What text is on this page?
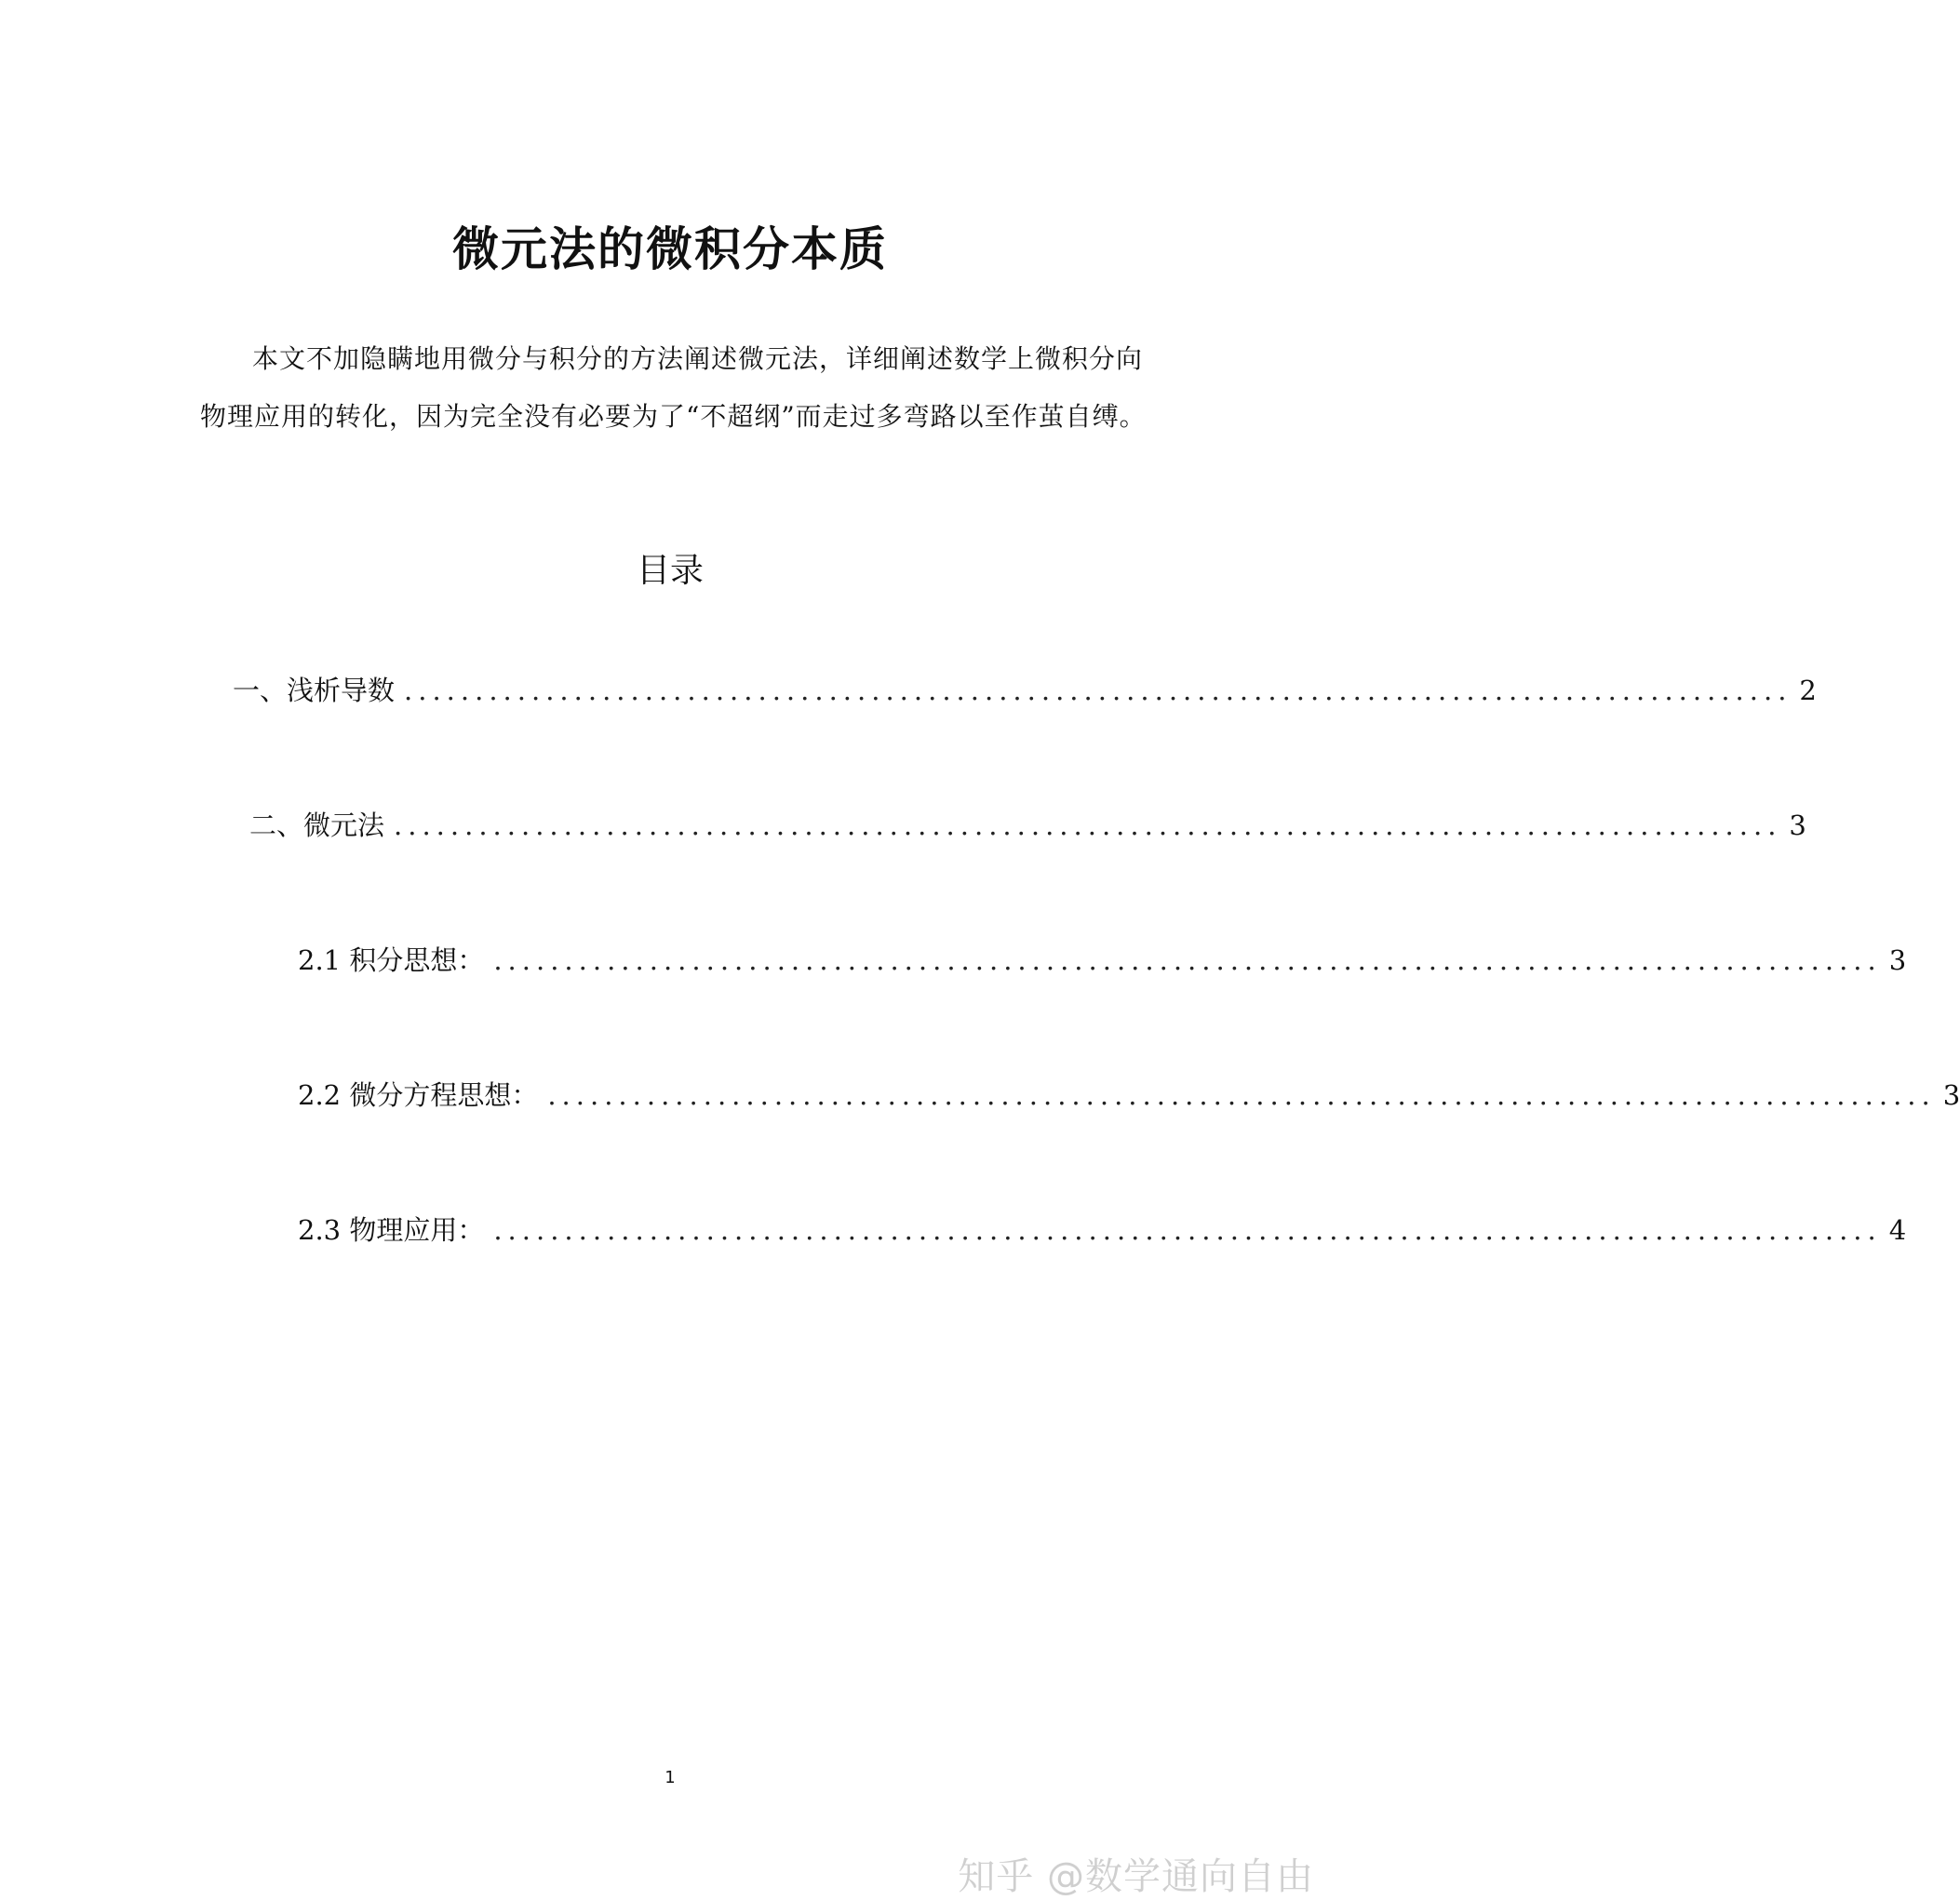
微元法的微积分本质
本文不加隐瞒地用微分与积分的方法阐述微元法，详细阐述数学上微积分向
物理应用的转化，因为完全没有必要为了“不超纲”而走过多弯路以至作茧自缚。
目录
一、 浅析导数 .................................................................................................. 2
二、 微元法 .................................................................................................. 3
2.1 积分思想： .................................................................................................. 3
2.2 微分方程思想： .................................................................................................. 3
2.3 物理应用： .................................................................................................. 4
1
知乎 @数学通向自由
